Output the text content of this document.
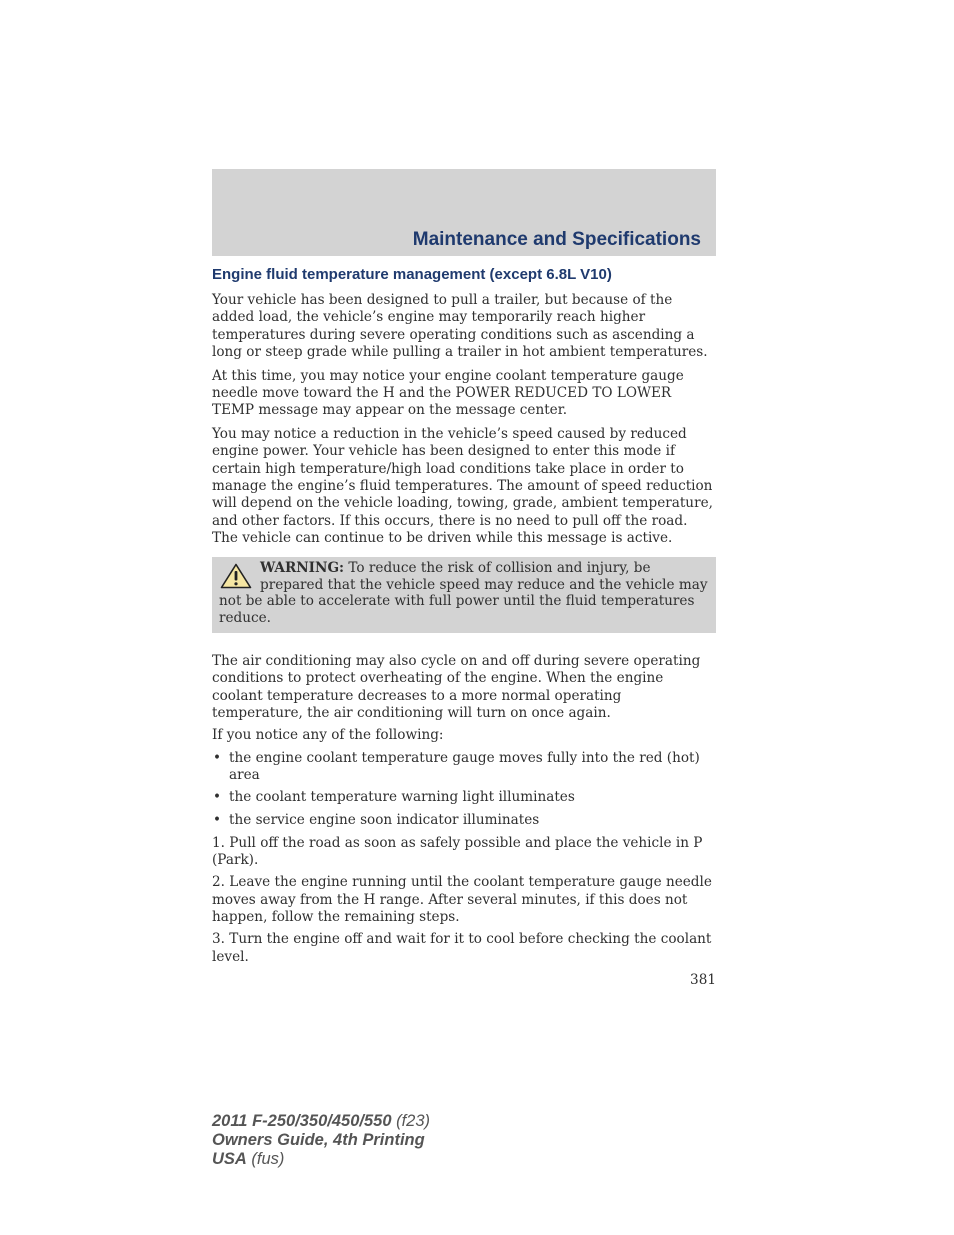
Maintenance and Specifications
Engine fluid temperature management (except 6.8L V10)

Your vehicle has been designed to pull a trailer, but because of the added load, the vehicle’s engine may temporarily reach higher temperatures during severe operating conditions such as ascending a long or steep grade while pulling a trailer in hot ambient temperatures.

At this time, you may notice your engine coolant temperature gauge needle move toward the H and the POWER REDUCED TO LOWER TEMP message may appear on the message center.

You may notice a reduction in the vehicle’s speed caused by reduced engine power. Your vehicle has been designed to enter this mode if certain high temperature/high load conditions take place in order to manage the engine’s fluid temperatures. The amount of speed reduction will depend on the vehicle loading, towing, grade, ambient temperature, and other factors. If this occurs, there is no need to pull off the road. The vehicle can continue to be driven while this message is active.

WARNING: To reduce the risk of collision and injury, be prepared that the vehicle speed may reduce and the vehicle may not be able to accelerate with full power until the fluid temperatures reduce.

The air conditioning may also cycle on and off during severe operating conditions to protect overheating of the engine. When the engine coolant temperature decreases to a more normal operating temperature, the air conditioning will turn on once again.

If you notice any of the following:

• the engine coolant temperature gauge moves fully into the red (hot) area
• the coolant temperature warning light illuminates
• the service engine soon indicator illuminates

1. Pull off the road as soon as safely possible and place the vehicle in P (Park).

2. Leave the engine running until the coolant temperature gauge needle moves away from the H range. After several minutes, if this does not happen, follow the remaining steps.

3. Turn the engine off and wait for it to cool before checking the coolant level.

381
2011 F-250/350/450/550 (f23)
Owners Guide, 4th Printing
USA (fus)
